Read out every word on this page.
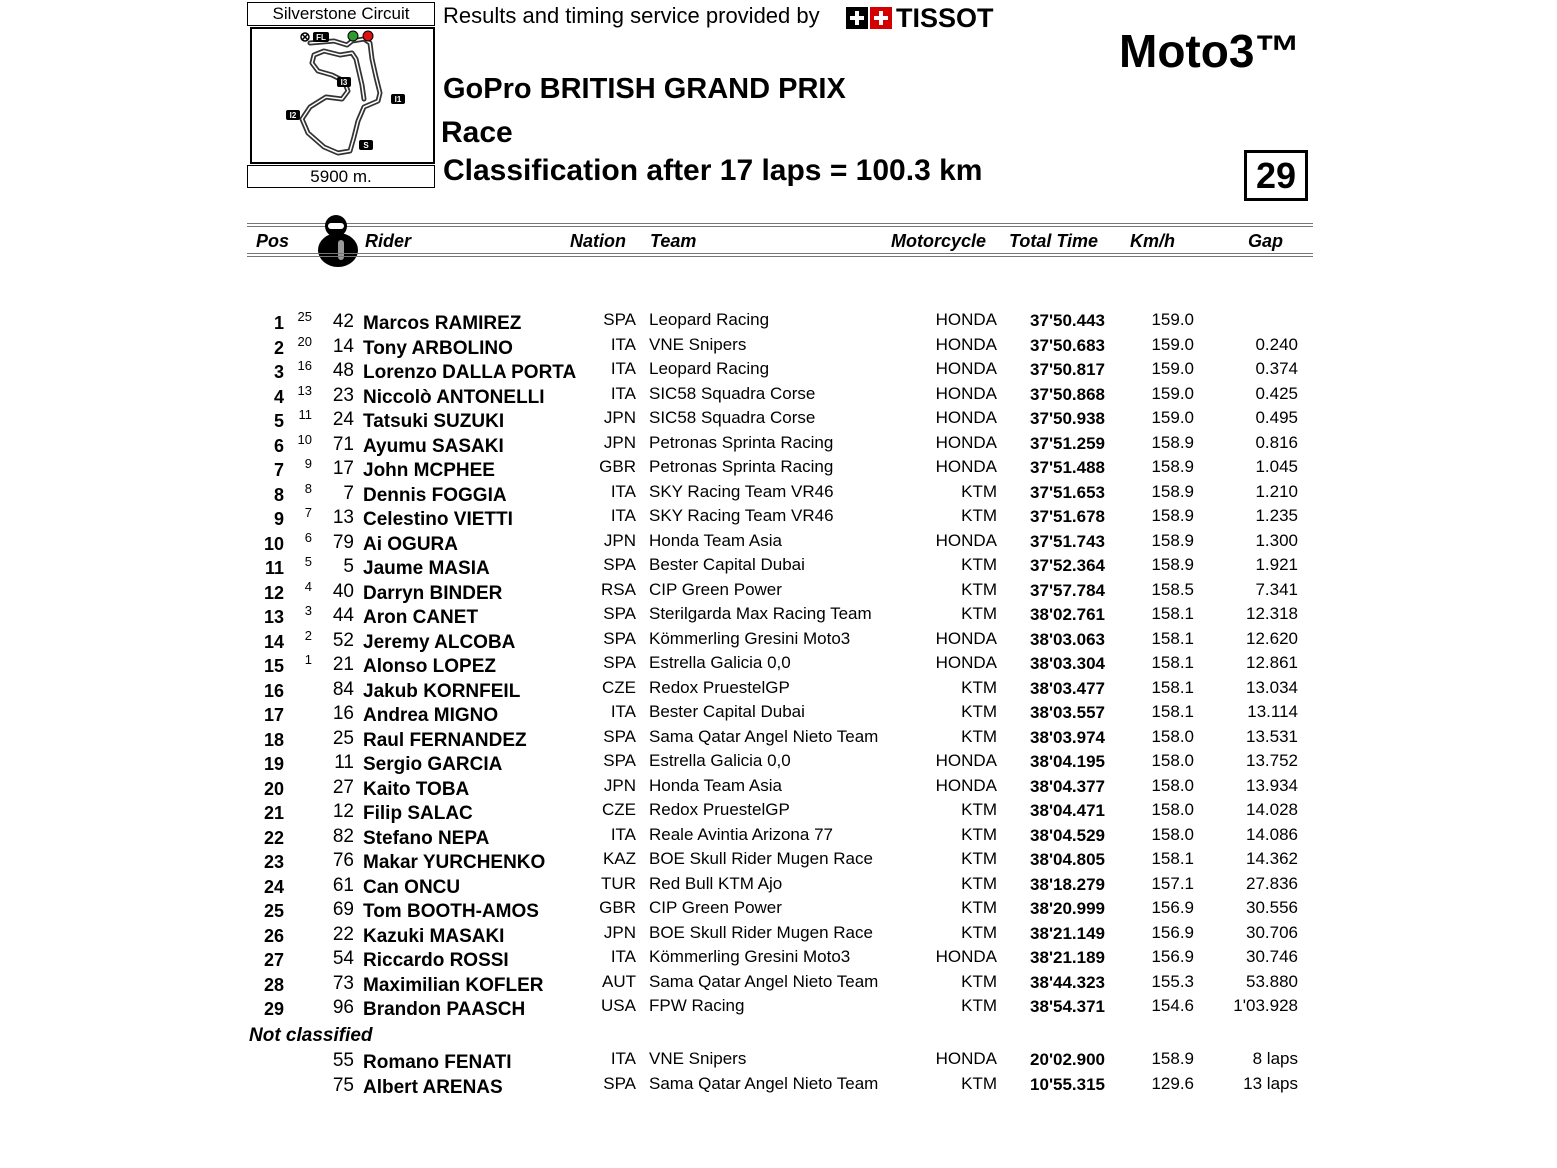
Silverstone Circuit
FL
I3
I1
I2
S
5900 m.
Results and timing service provided by	TISSOT
Moto3™
GoPro BRITISH GRAND PRIX
Race
Classification after 17 laps = 100.3 km	29
Pos	Rider	Nation Team	Motorcycle Total Time Km/h	Gap
1	25	42 Marcos RAMIREZ	SPA Leopard Racing	HONDA	37'50.443	159.0
2	20	14 Tony ARBOLINO	ITA VNE Snipers	HONDA	37'50.683	159.0	0.240
3	16	48 Lorenzo DALLA PORTA	ITA Leopard Racing	HONDA	37'50.817	159.0	0.374
4	13	23 Niccolò ANTONELLI	ITA SIC58 Squadra Corse	HONDA	37'50.868	159.0	0.425
5	11	24 Tatsuki SUZUKI	JPN SIC58 Squadra Corse	HONDA	37'50.938	159.0	0.495
6	10	71 Ayumu SASAKI	JPN Petronas Sprinta Racing	HONDA	37'51.259	158.9	0.816
7	9	17 John MCPHEE	GBR Petronas Sprinta Racing	HONDA	37'51.488	158.9	1.045
8	8	7 Dennis FOGGIA	ITA SKY Racing Team VR46	KTM	37'51.653	158.9	1.210
9	7	13 Celestino VIETTI	ITA SKY Racing Team VR46	KTM	37'51.678	158.9	1.235
10	6	79 Ai OGURA	JPN Honda Team Asia	HONDA	37'51.743	158.9	1.300
11	5	5 Jaume MASIA	SPA Bester Capital Dubai	KTM	37'52.364	158.9	1.921
12	4	40 Darryn BINDER	RSA CIP Green Power	KTM	37'57.784	158.5	7.341
13	3	44 Aron CANET	SPA Sterilgarda Max Racing Team	KTM	38'02.761	158.1	12.318
14	2	52 Jeremy ALCOBA	SPA Kömmerling Gresini Moto3	HONDA	38'03.063	158.1	12.620
15	1	21 Alonso LOPEZ	SPA Estrella Galicia 0,0	HONDA	38'03.304	158.1	12.861
16	84 Jakub KORNFEIL	CZE Redox PruestelGP	KTM	38'03.477	158.1	13.034
17	16 Andrea MIGNO	ITA Bester Capital Dubai	KTM	38'03.557	158.1	13.114
18	25 Raul FERNANDEZ	SPA Sama Qatar Angel Nieto Team	KTM	38'03.974	158.0	13.531
19	11 Sergio GARCIA	SPA Estrella Galicia 0,0	HONDA	38'04.195	158.0	13.752
20	27 Kaito TOBA	JPN Honda Team Asia	HONDA	38'04.377	158.0	13.934
21	12 Filip SALAC	CZE Redox PruestelGP	KTM	38'04.471	158.0	14.028
22	82 Stefano NEPA	ITA Reale Avintia Arizona 77	KTM	38'04.529	158.0	14.086
23	76 Makar YURCHENKO	KAZ BOE Skull Rider Mugen Race	KTM	38'04.805	158.1	14.362
24	61 Can ONCU	TUR Red Bull KTM Ajo	KTM	38'18.279	157.1	27.836
25	69 Tom BOOTH-AMOS	GBR CIP Green Power	KTM	38'20.999	156.9	30.556
26	22 Kazuki MASAKI	JPN BOE Skull Rider Mugen Race	KTM	38'21.149	156.9	30.706
27	54 Riccardo ROSSI	ITA Kömmerling Gresini Moto3	HONDA	38'21.189	156.9	30.746
28	73 Maximilian KOFLER	AUT Sama Qatar Angel Nieto Team	KTM	38'44.323	155.3	53.880
29	96 Brandon PAASCH	USA FPW Racing	KTM	38'54.371	154.6	1'03.928
Not classified
55 Romano FENATI	ITA VNE Snipers	HONDA	20'02.900	158.9	8 laps
75 Albert ARENAS	SPA Sama Qatar Angel Nieto Team	KTM	10'55.315	129.6	13 laps
